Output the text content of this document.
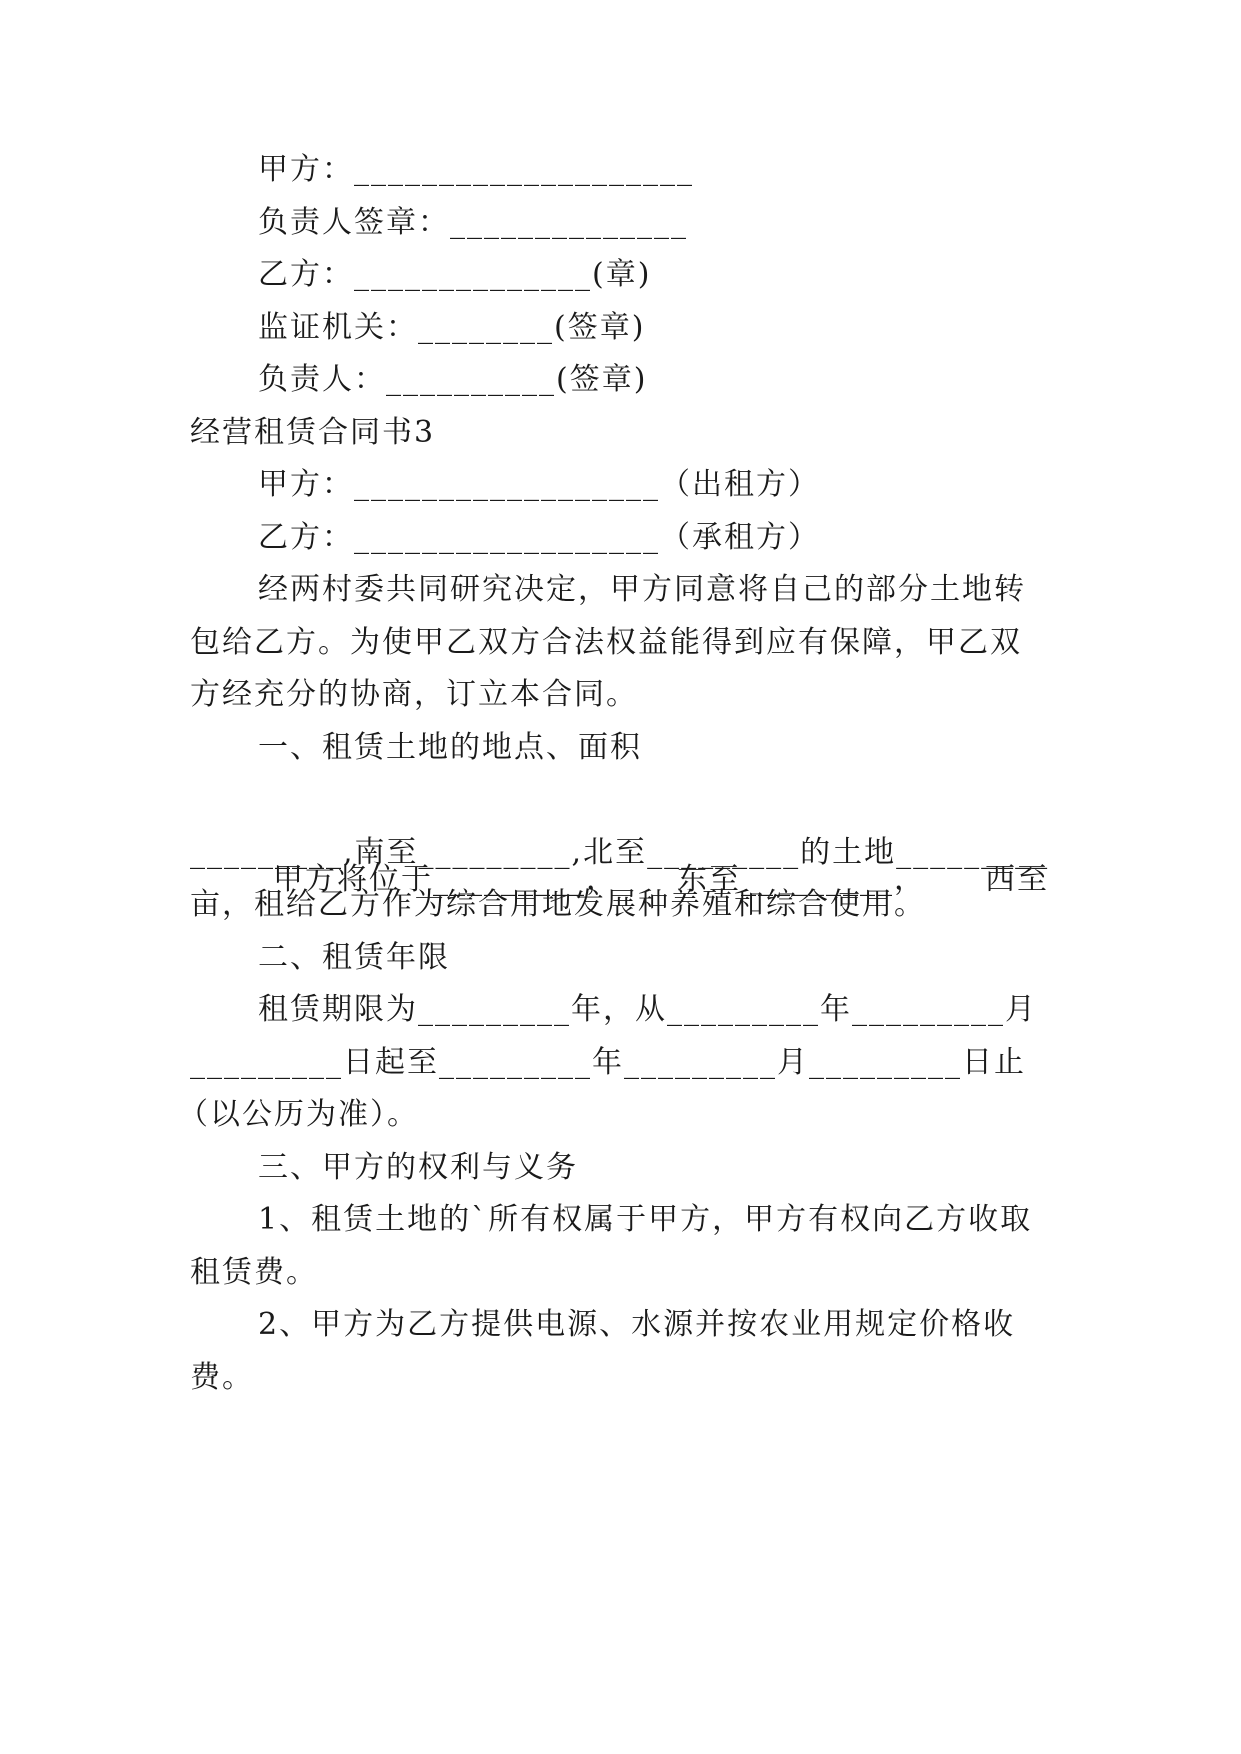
甲方：____________________
负责人签章：______________
乙方：______________(章)
监证机关：________(签章)
负责人：__________(签章)
经营租赁合同书3
甲方：__________________（出租方）
乙方：__________________（承租方）
经两村委共同研究决定，甲方同意将自己的部分土地转
包给乙方。为使甲乙双方合法权益能得到应有保障，甲乙双
方经充分的协商，订立本合同。
一、租赁土地的地点、面积

甲方将位于_________， 东至_________， 西至

_________,南至_________,北至_________的土地_________
亩，租给乙方作为综合用地发展种养殖和综合使用。
二、租赁年限
租赁期限为_________年，从_________年_________月
_________日起至_________年_________月_________日止
（以公历为准）。
三、甲方的权利与义务
1、租赁土地的`所有权属于甲方，甲方有权向乙方收取
租赁费。
2、甲方为乙方提供电源、水源并按农业用规定价格收
费。
